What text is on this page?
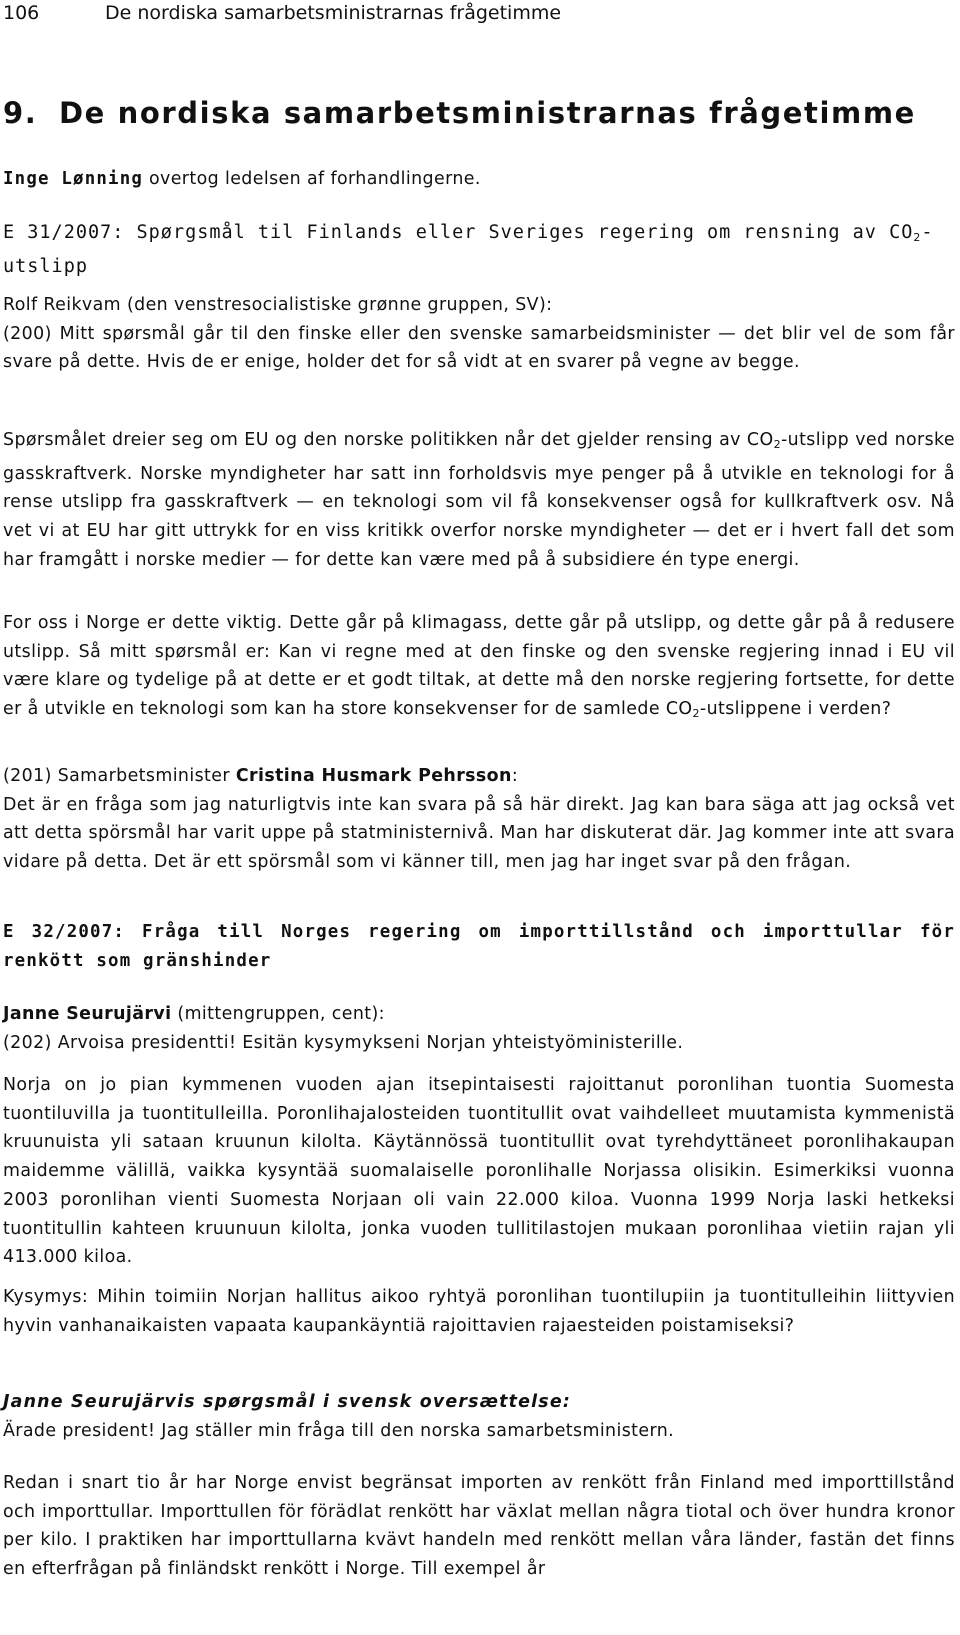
106	De nordiska samarbetsministrarnas frågetimme
9. De nordiska samarbetsministrarnas frågetimme
Inge Lønning overtog ledelsen af forhandlingerne.
E 31/2007: Spørgsmål til Finlands eller Sveriges regering om rensning av $CO_2$-utslipp

Rolf Reikvam (den venstresocialistiske grønne gruppen, SV):

(200) Mitt spørsmål går til den finske eller den svenske samarbeidsminister — det blir vel de som får svare på dette. Hvis de er enige, holder det for så vidt at en svarer på vegne av begge.

Spørsmålet dreier seg om EU og den norske politikken når det gjelder rensing av $CO_2$-utslipp ved norske gasskraftverk. Norske myndigheter har satt inn forholdsvis mye penger på å utvikle en teknologi for å rense utslipp fra gasskraftverk — en teknologi som vil få konsekvenser også for kullkraftverk osv. Nå vet vi at EU har gitt uttrykk for en viss kritikk overfor norske myndigheter — det er i hvert fall det som har framgått i norske medier — for dette kan være med på å subsidiere én type energi.

For oss i Norge er dette viktig. Dette går på klimagass, dette går på utslipp, og dette går på å redusere utslipp. Så mitt spørsmål er: Kan vi regne med at den finske og den svenske regjering innad i EU vil være klare og tydelige på at dette er et godt tiltak, at dette må den norske regjering fortsette, for dette er å utvikle en teknologi som kan ha store konsekvenser for de samlede $CO_2$-utslippene i verden?

(201) Samarbetsminister Cristina Husmark Pehrsson:

Det är en fråga som jag naturligtvis inte kan svara på så här direkt. Jag kan bara säga att jag också vet att detta spörsmål har varit uppe på statministernivå. Man har diskuterat där. Jag kommer inte att svara vidare på detta. Det är ett spörsmål som vi känner till, men jag har inget svar på den frågan.

E 32/2007: Fråga till Norges regering om importtillstånd och importtullar för renkött som gränshinder

Janne Seurujärvi (mittengruppen, cent):

(202) Arvoisa presidentti! Esitän kysymykseni Norjan yhteistyöministerille.

Norja on jo pian kymmenen vuoden ajan itsepintaisesti rajoittanut poronlihan tuontia Suomesta tuontiluvilla ja tuontitulleilla. Poronlihajalosteiden tuontitullit ovat vaihdelleet muutamista kymmenistä kruunuista yli sataan kruunun kilolta. Käytännössä tuontitullit ovat tyrehdyttäneet poronlihakaupan maidemme välillä, vaikka kysyntää suomalaiselle poronlihalle Norjassa olisikin. Esimerkiksi vuonna 2003 poronlihan vienti Suomesta Norjaan oli vain 22.000 kiloa. Vuonna 1999 Norja laski hetkeksi tuontitullin kahteen kruunuun kilolta, jonka vuoden tullitilastojen mukaan poronlihaa vietiin rajan yli 413.000 kiloa.
Kysymys: Mihin toimiin Norjan hallitus aikoo ryhtyä poronlihan tuontilupiin ja tuontitulleihin liittyvien hyvin vanhanaikaisten vapaata kaupankäyntiä rajoittavien rajaesteiden poistamiseksi?

Janne Seurujärvis spørgsmål i svensk oversættelse:

Ärade president! Jag ställer min fråga till den norska samarbetsministern.

Redan i snart tio år har Norge envist begränsat importen av renkött från Finland med importtillstånd och importtullar. Importtullen för förädlat renkött har växlat mellan några tiotal och över hundra kronor per kilo. I praktiken har importtullarna kvävt handeln med renkött mellan våra länder, fastän det finns en efterfrågan på finländskt renkött i Norge. Till exempel år
